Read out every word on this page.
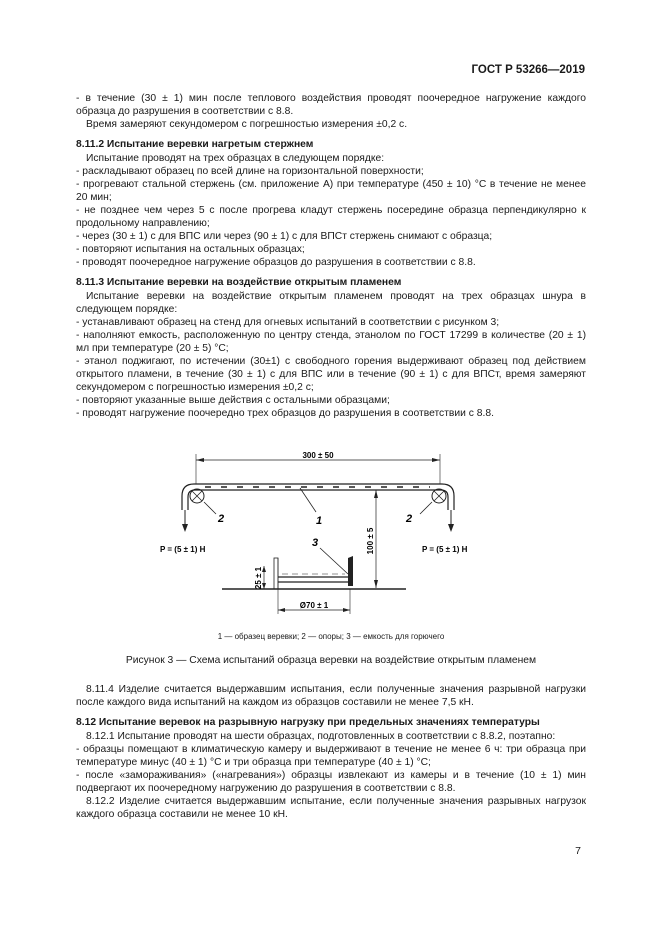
ГОСТ Р 53266—2019

- в течение (30 ± 1) мин после теплового воздействия проводят поочередное нагружение каждого образца до разрушения в соответствии с 8.8.

Время замеряют секундомером с погрешностью измерения ±0,2 с.

8.11.2 Испытание веревки нагретым стержнем

Испытание проводят на трех образцах в следующем порядке:

- раскладывают образец по всей длине на горизонтальной поверхности;

- прогревают стальной стержень (см. приложение А) при температуре (450 ± 10) °С в течение не менее 20 мин;

- не позднее чем через 5 с после прогрева кладут стержень посередине образца перпендикулярно к продольному направлению;

- через (30 ± 1) с для ВПС или через (90 ± 1) с для ВПСт стержень снимают с образца;

- повторяют испытания на остальных образцах;

- проводят поочередное нагружение образцов до разрушения в соответствии с 8.8.

8.11.3 Испытание веревки на воздействие открытым пламенем

Испытание веревки на воздействие открытым пламенем проводят на трех образцах шнура в следующем порядке:

- устанавливают образец на стенд для огневых испытаний в соответствии с рисунком 3;

- наполняют емкость, расположенную по центру стенда, этанолом по ГОСТ 17299 в количестве (20 ± 1) мл при температуре (20 ± 5) °С;

- этанол поджигают, по истечении (30±1) с свободного горения выдерживают образец под действием открытого пламени, в течение (30 ± 1) с для ВПС или в течение (90 ± 1) с для ВПСт, время замеряют секундомером с погрешностью измерения ±0,2 с;

- повторяют указанные выше действия с остальными образцами;

- проводят нагружение поочередно трех образцов до разрушения в соответствии с 8.8.

300 ± 50
2	2
1
P = (5 ± 1) Н	P = (5 ± 1) Н
100 ± 5
3
25 ± 1
Ø70 ± 1
1 — образец веревки; 2 — опоры; 3 — емкость для горючего
Рисунок 3 — Схема испытаний образца веревки на воздействие открытым пламенем

8.11.4 Изделие считается выдержавшим испытания, если полученные значения разрывной нагрузки после каждого вида испытаний на каждом из образцов составили не менее 7,5 кН.

8.12 Испытание веревок на разрывную нагрузку при предельных значениях температуры

8.12.1 Испытание проводят на шести образцах, подготовленных в соответствии с 8.8.2, поэтапно:

- образцы помещают в климатическую камеру и выдерживают в течение не менее 6 ч: три образца при температуре минус (40 ± 1) °С и три образца при температуре (40 ± 1) °С;

- после «замораживания» («нагревания») образцы извлекают из камеры и в течение (10 ± 1) мин подвергают их поочередному нагружению до разрушения в соответствии с 8.8.

8.12.2 Изделие считается выдержавшим испытание, если полученные значения разрывных нагрузок каждого образца составили не менее 10 кН.

7
